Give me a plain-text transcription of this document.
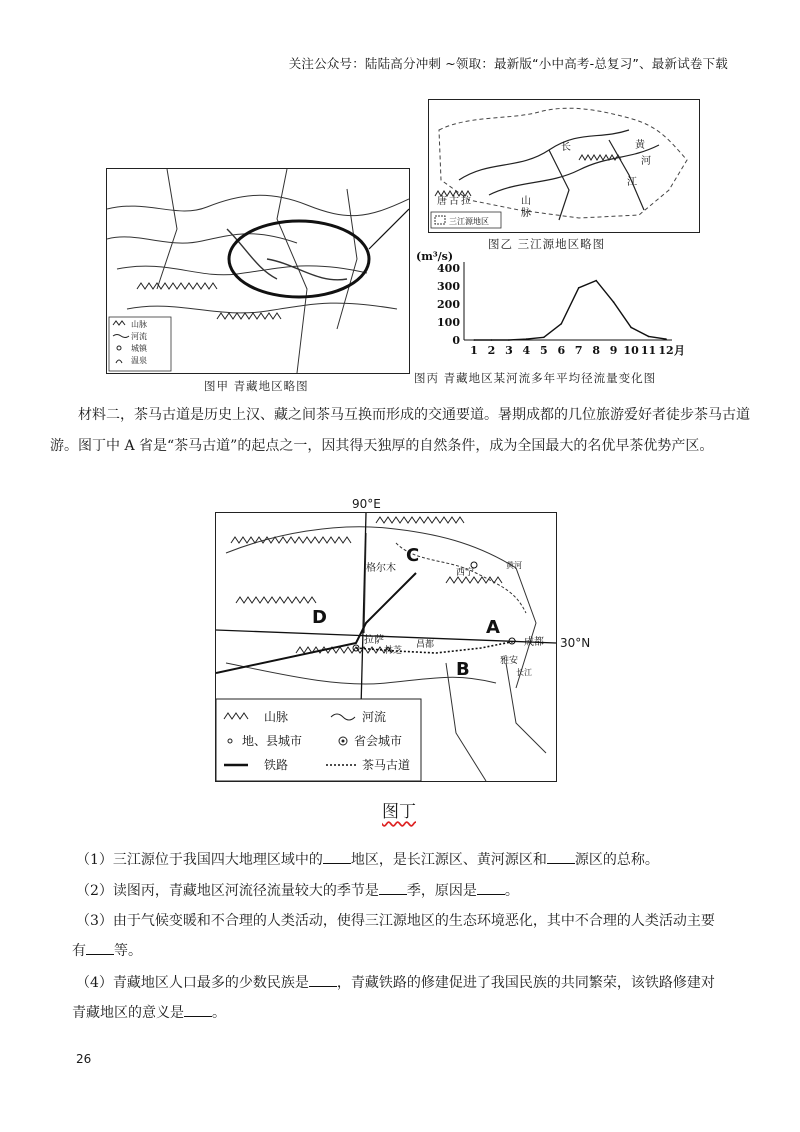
关注公众号：陆陆高分冲刺 ~领取：最新版“小中高考-总复习”、最新试卷下载
山脉
河流
城镇
温泉
图甲 青藏地区略图
长	黄
河
江
唐 古 拉	山
脉
三江源地区
图乙 三江源地区略图
(m³/s)
0
100
200
300
400
1 2 3 4 5 6 7 8 9 10 11 12 月
图丙 青藏地区某河流多年平均径流量变化图
材料二，茶马古道是历史上汉、藏之间茶马互换而形成的交通要道。暑期成都的几位旅游爱好者徒步茶马古道游。图丁中 A 省是“茶马古道”的起点之一，因其得天独厚的自然条件，成为全国最大的名优早茶优势产区。
C
D	A
B
格尔木	西宁
拉萨
林芝
昌都	成都
雅安
黄河
长江
山脉	河流
地、县城市	省会城市
铁路	茶马古道
90°E
30°N
图丁
（1）三江源位于我国四大地理区域中的 地区，是长江源区、黄河源区和 源区的总称。
（2）读图丙，青藏地区河流径流量较大的季节是 季，原因是 。
（3）由于气候变暖和不合理的人类活动，使得三江源地区的生态环境恶化，其中不合理的人类活动主要
有 等。
（4）青藏地区人口最多的少数民族是 ，青藏铁路的修建促进了我国民族的共同繁荣，该铁路修建对
青藏地区的意义是 。
26
